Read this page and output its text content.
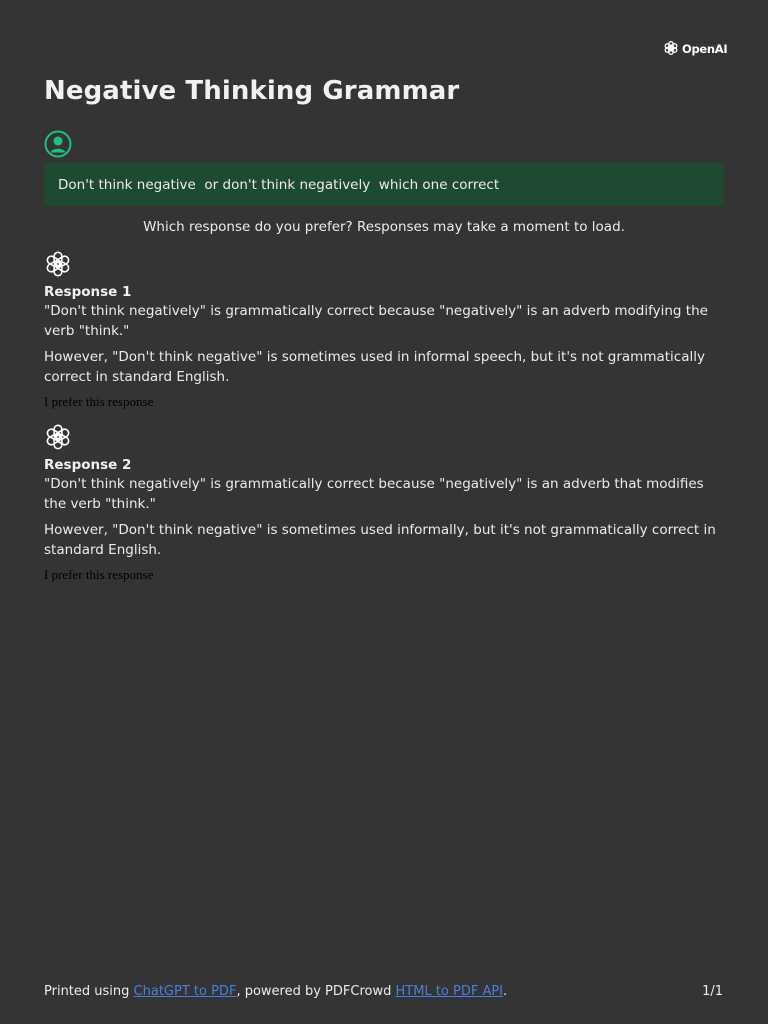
OpenAI
Negative Thinking Grammar
Don't think negative  or don't think negatively  which one correct
Which response do you prefer? Responses may take a moment to load.

Response 1

"Don't think negatively" is grammatically correct because "negatively" is an adverb modifying the verb "think."

However, "Don't think negative" is sometimes used in informal speech, but it's not grammatically correct in standard English.

I prefer this response

Response 2

"Don't think negatively" is grammatically correct because "negatively" is an adverb that modifies the verb "think."

However, "Don't think negative" is sometimes used informally, but it's not grammatically correct in standard English.

I prefer this response
Printed using ChatGPT to PDF, powered by PDFCrowd HTML to PDF API.	1/1
